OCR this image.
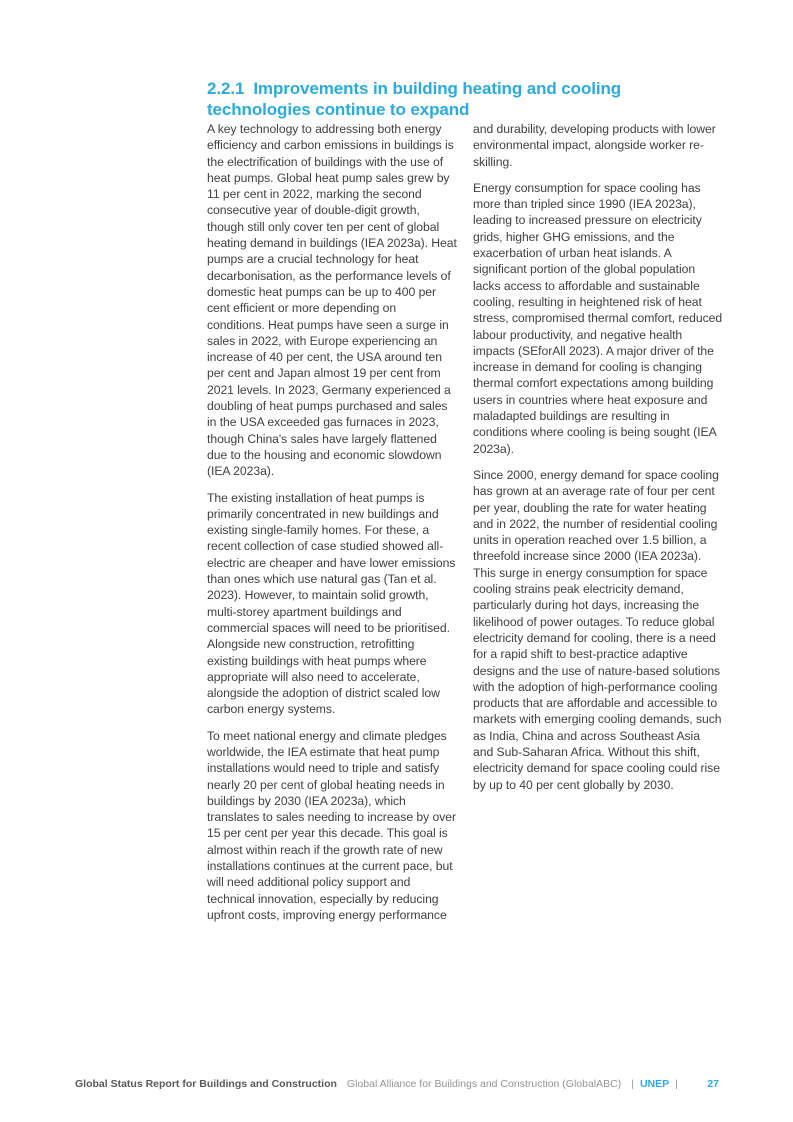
2.2.1 Improvements in building heating and cooling technologies continue to expand

A key technology to addressing both energy efficiency and carbon emissions in buildings is the electrification of buildings with the use of heat pumps. Global heat pump sales grew by 11 per cent in 2022, marking the second consecutive year of double-digit growth, though still only cover ten per cent of global heating demand in buildings (IEA 2023a). Heat pumps are a crucial technology for heat decarbonisation, as the performance levels of domestic heat pumps can be up to 400 per cent efficient or more depending on conditions. Heat pumps have seen a surge in sales in 2022, with Europe experiencing an increase of 40 per cent, the USA around ten per cent and Japan almost 19 per cent from 2021 levels. In 2023, Germany experienced a doubling of heat pumps purchased and sales in the USA exceeded gas furnaces in 2023, though China's sales have largely flattened due to the housing and economic slowdown (IEA 2023a).

The existing installation of heat pumps is primarily concentrated in new buildings and existing single-family homes. For these, a recent collection of case studied showed all-electric are cheaper and have lower emissions than ones which use natural gas (Tan et al. 2023). However, to maintain solid growth, multi-storey apartment buildings and commercial spaces will need to be prioritised. Alongside new construction, retrofitting existing buildings with heat pumps where appropriate will also need to accelerate, alongside the adoption of district scaled low carbon energy systems.

To meet national energy and climate pledges worldwide, the IEA estimate that heat pump installations would need to triple and satisfy nearly 20 per cent of global heating needs in buildings by 2030 (IEA 2023a), which translates to sales needing to increase by over 15 per cent per year this decade. This goal is almost within reach if the growth rate of new installations continues at the current pace, but will need additional policy support and technical innovation, especially by reducing upfront costs, improving energy performance

and durability, developing products with lower environmental impact, alongside worker re-skilling.

Energy consumption for space cooling has more than tripled since 1990 (IEA 2023a), leading to increased pressure on electricity grids, higher GHG emissions, and the exacerbation of urban heat islands. A significant portion of the global population lacks access to affordable and sustainable cooling, resulting in heightened risk of heat stress, compromised thermal comfort, reduced labour productivity, and negative health impacts (SEforAll 2023). A major driver of the increase in demand for cooling is changing thermal comfort expectations among building users in countries where heat exposure and maladapted buildings are resulting in conditions where cooling is being sought (IEA 2023a).

Since 2000, energy demand for space cooling has grown at an average rate of four per cent per year, doubling the rate for water heating and in 2022, the number of residential cooling units in operation reached over 1.5 billion, a threefold increase since 2000 (IEA 2023a). This surge in energy consumption for space cooling strains peak electricity demand, particularly during hot days, increasing the likelihood of power outages. To reduce global electricity demand for cooling, there is a need for a rapid shift to best-practice adaptive designs and the use of nature-based solutions with the adoption of high-performance cooling products that are affordable and accessible to markets with emerging cooling demands, such as India, China and across Southeast Asia and Sub-Saharan Africa. Without this shift, electricity demand for space cooling could rise by up to 40 per cent globally by 2030.

Global Status Report for Buildings and Construction Global Alliance for Buildings and Construction (GlobalABC) | UNEP |	27
